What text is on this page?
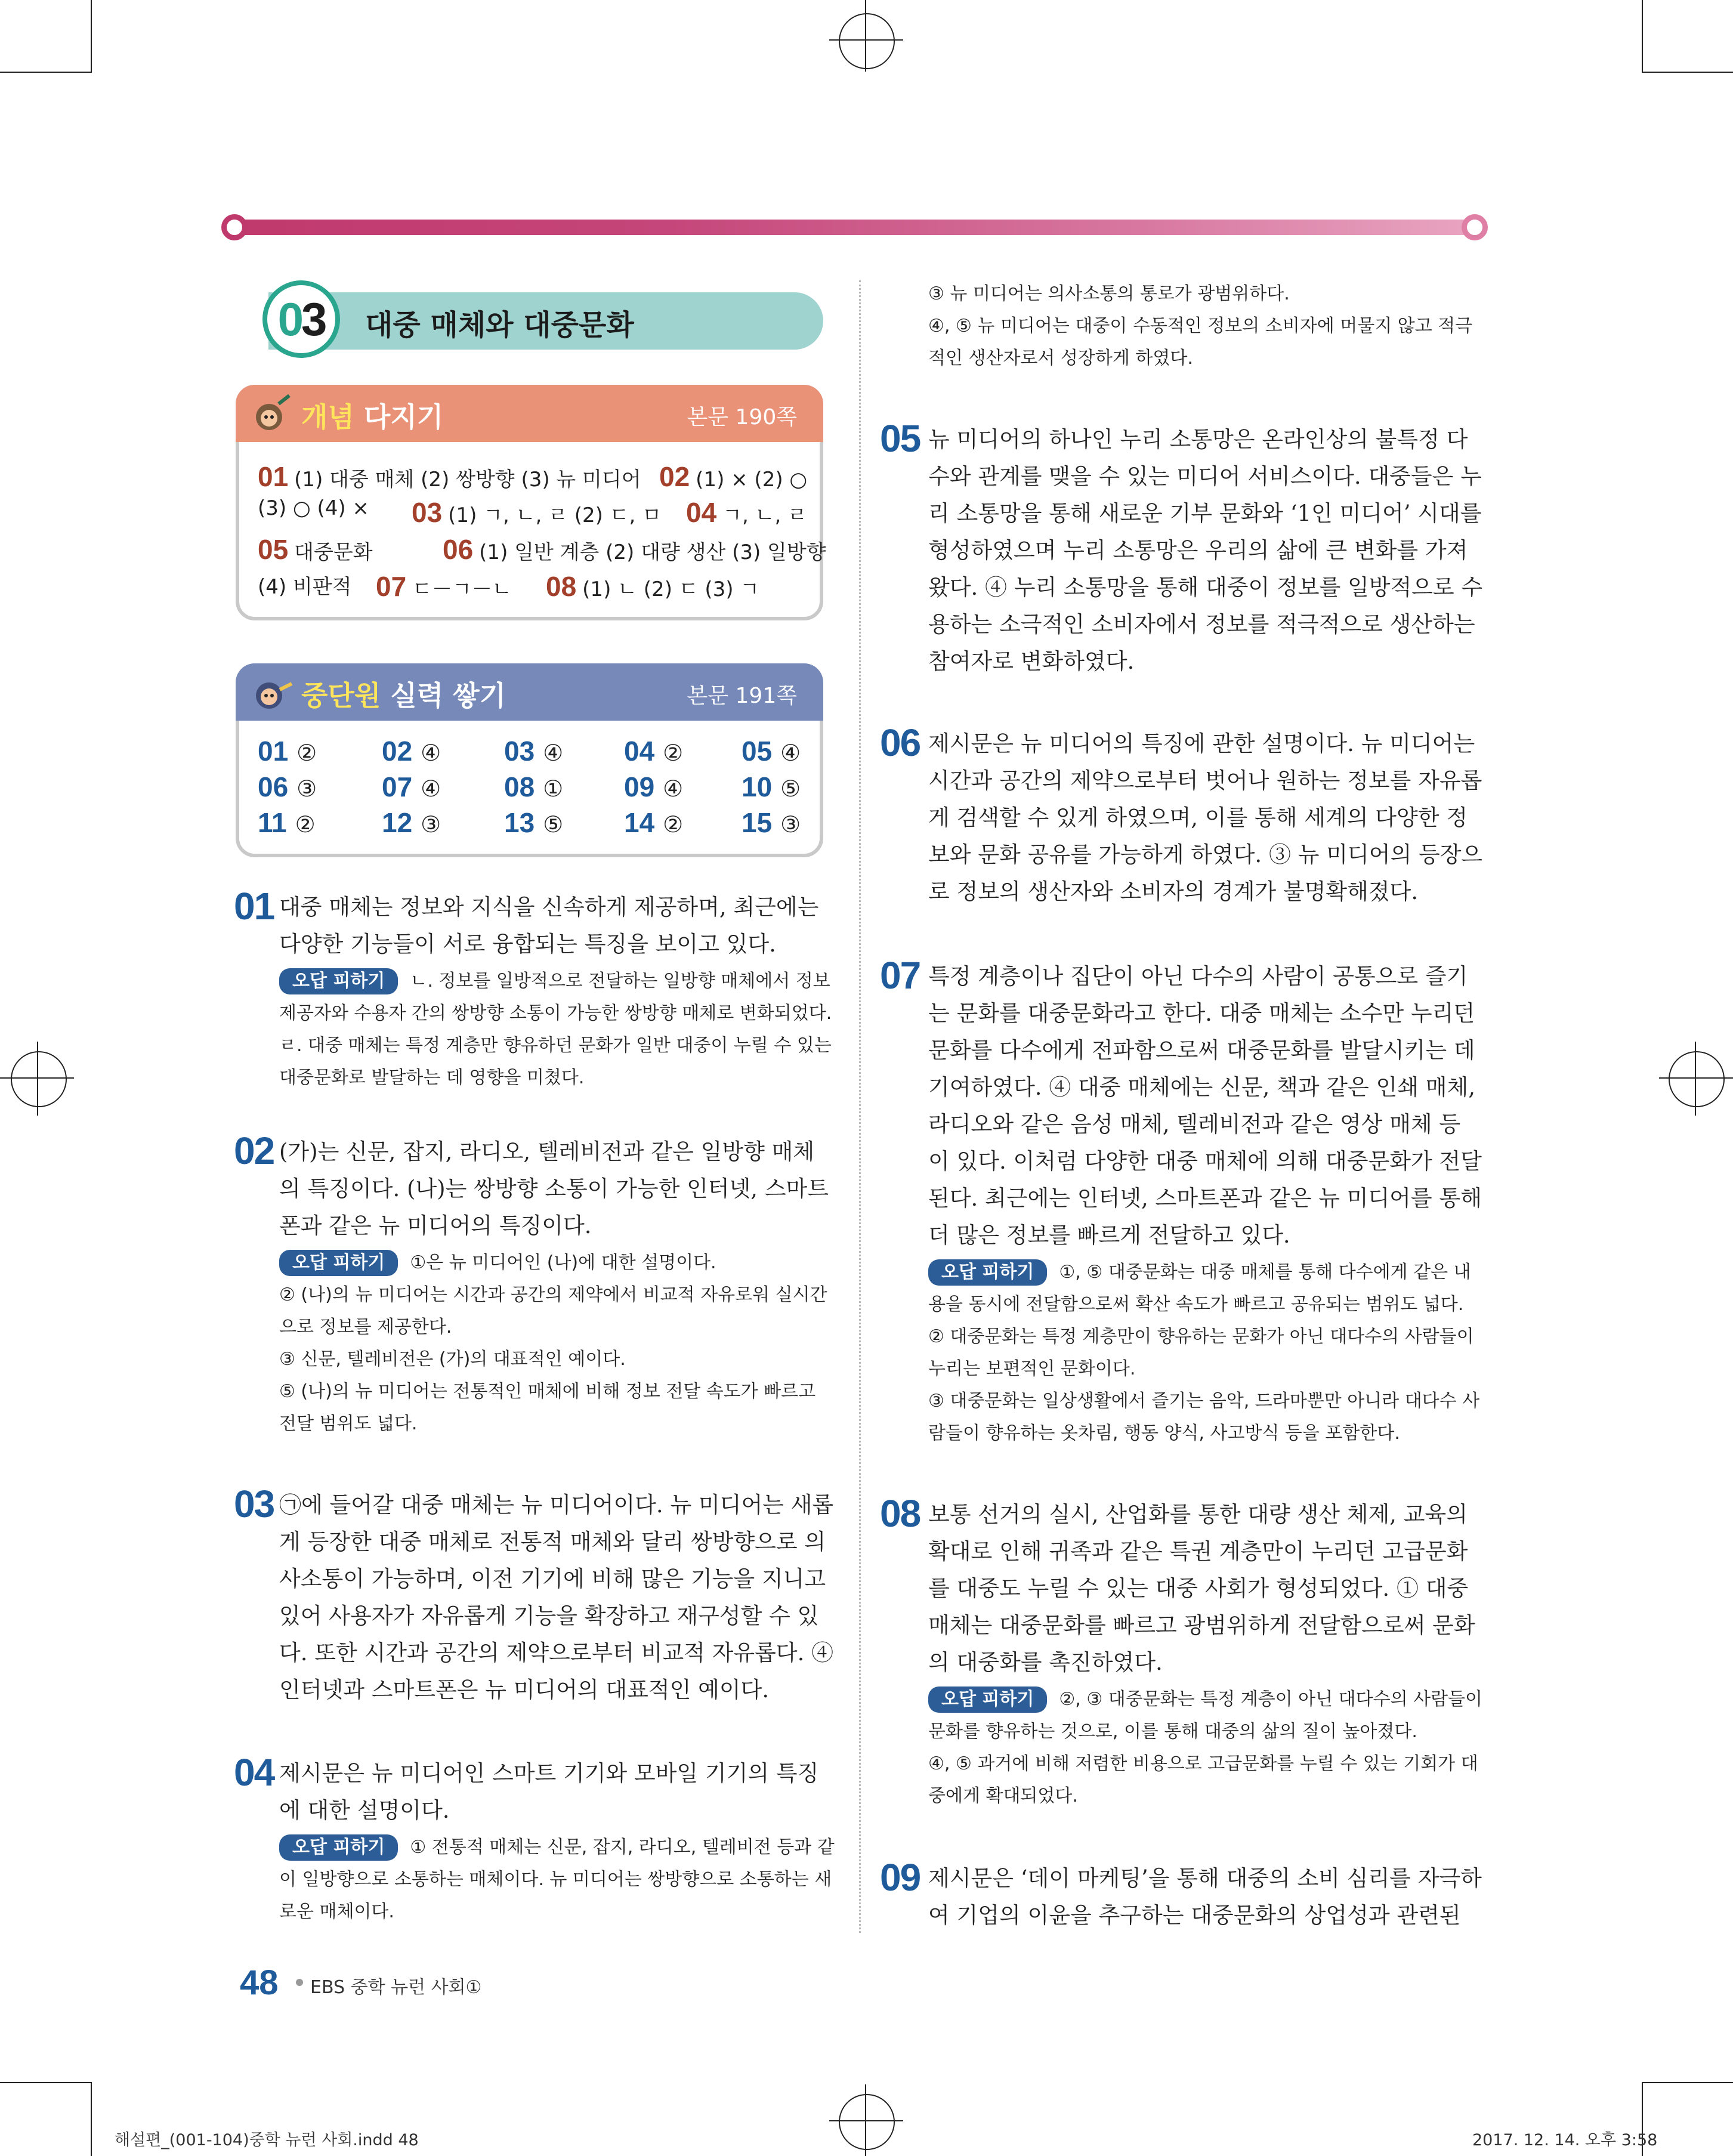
03	대중 매체와 대중문화
개념 다지기	본문 190쪽
01 (1) 대중 매체 (2) 쌍방향 (3) 뉴 미디어 02 (1) × (2) ○
(3) ○ (4) × 03 (1) ㄱ, ㄴ, ㄹ (2) ㄷ, ㅁ 04 ㄱ, ㄴ, ㄹ
05 대중문화	06 (1) 일반 계층 (2) 대량 생산 (3) 일방향
(4) 비판적 07 ㄷ－ㄱ－ㄴ 08 (1) ㄴ (2) ㄷ (3) ㄱ
중단원 실력 쌓기	본문 191쪽
01 ② 02 ④ 03 ④ 04 ② 05 ④
06 ③ 07 ④ 08 ① 09 ④ 10 ⑤
11 ② 12 ③ 13 ⑤ 14 ② 15 ③
01 대중 매체는 정보와 지식을 신속하게 제공하며, 최근에는
다양한 기능들이 서로 융합되는 특징을 보이고 있다.
오답 피하기 ㄴ. 정보를 일방적으로 전달하는 일방향 매체에서 정보
제공자와 수용자 간의 쌍방향 소통이 가능한 쌍방향 매체로 변화되었다.
ㄹ. 대중 매체는 특정 계층만 향유하던 문화가 일반 대중이 누릴 수 있는
대중문화로 발달하는 데 영향을 미쳤다.
02 (가)는 신문, 잡지, 라디오, 텔레비전과 같은 일방향 매체
의 특징이다. (나)는 쌍방향 소통이 가능한 인터넷, 스마트
폰과 같은 뉴 미디어의 특징이다.
오답 피하기 ①은 뉴 미디어인 (나)에 대한 설명이다.
② (나)의 뉴 미디어는 시간과 공간의 제약에서 비교적 자유로워 실시간
으로 정보를 제공한다.
③ 신문, 텔레비전은 (가)의 대표적인 예이다.
⑤ (나)의 뉴 미디어는 전통적인 매체에 비해 정보 전달 속도가 빠르고
전달 범위도 넓다.
03 ㉠에 들어갈 대중 매체는 뉴 미디어이다. 뉴 미디어는 새롭
게 등장한 대중 매체로 전통적 매체와 달리 쌍방향으로 의
사소통이 가능하며, 이전 기기에 비해 많은 기능을 지니고
있어 사용자가 자유롭게 기능을 확장하고 재구성할 수 있
다. 또한 시간과 공간의 제약으로부터 비교적 자유롭다. ④
인터넷과 스마트폰은 뉴 미디어의 대표적인 예이다.
04 제시문은 뉴 미디어인 스마트 기기와 모바일 기기의 특징
에 대한 설명이다.
오답 피하기 ① 전통적 매체는 신문, 잡지, 라디오, 텔레비전 등과 같
이 일방향으로 소통하는 매체이다. 뉴 미디어는 쌍방향으로 소통하는 새
로운 매체이다.
③ 뉴 미디어는 의사소통의 통로가 광범위하다.
④, ⑤ 뉴 미디어는 대중이 수동적인 정보의 소비자에 머물지 않고 적극
적인 생산자로서 성장하게 하였다.
05 뉴 미디어의 하나인 누리 소통망은 온라인상의 불특정 다
수와 관계를 맺을 수 있는 미디어 서비스이다. 대중들은 누
리 소통망을 통해 새로운 기부 문화와 ‘1인 미디어’ 시대를
형성하였으며 누리 소통망은 우리의 삶에 큰 변화를 가져
왔다. ④ 누리 소통망을 통해 대중이 정보를 일방적으로 수
용하는 소극적인 소비자에서 정보를 적극적으로 생산하는
참여자로 변화하였다.
06 제시문은 뉴 미디어의 특징에 관한 설명이다. 뉴 미디어는
시간과 공간의 제약으로부터 벗어나 원하는 정보를 자유롭
게 검색할 수 있게 하였으며, 이를 통해 세계의 다양한 정
보와 문화 공유를 가능하게 하였다. ③ 뉴 미디어의 등장으
로 정보의 생산자와 소비자의 경계가 불명확해졌다.
07 특정 계층이나 집단이 아닌 다수의 사람이 공통으로 즐기
는 문화를 대중문화라고 한다. 대중 매체는 소수만 누리던
문화를 다수에게 전파함으로써 대중문화를 발달시키는 데
기여하였다. ④ 대중 매체에는 신문, 책과 같은 인쇄 매체,
라디오와 같은 음성 매체, 텔레비전과 같은 영상 매체 등
이 있다. 이처럼 다양한 대중 매체에 의해 대중문화가 전달
된다. 최근에는 인터넷, 스마트폰과 같은 뉴 미디어를 통해
더 많은 정보를 빠르게 전달하고 있다.
오답 피하기 ①, ⑤ 대중문화는 대중 매체를 통해 다수에게 같은 내
용을 동시에 전달함으로써 확산 속도가 빠르고 공유되는 범위도 넓다.
② 대중문화는 특정 계층만이 향유하는 문화가 아닌 대다수의 사람들이
누리는 보편적인 문화이다.
③ 대중문화는 일상생활에서 즐기는 음악, 드라마뿐만 아니라 대다수 사
람들이 향유하는 옷차림, 행동 양식, 사고방식 등을 포함한다.
08 보통 선거의 실시, 산업화를 통한 대량 생산 체제, 교육의
확대로 인해 귀족과 같은 특권 계층만이 누리던 고급문화
를 대중도 누릴 수 있는 대중 사회가 형성되었다. ① 대중
매체는 대중문화를 빠르고 광범위하게 전달함으로써 문화
의 대중화를 촉진하였다.
오답 피하기 ②, ③ 대중문화는 특정 계층이 아닌 대다수의 사람들이
문화를 향유하는 것으로, 이를 통해 대중의 삶의 질이 높아졌다.
④, ⑤ 과거에 비해 저렴한 비용으로 고급문화를 누릴 수 있는 기회가 대
중에게 확대되었다.
09 제시문은 ‘데이 마케팅’을 통해 대중의 소비 심리를 자극하
여 기업의 이윤을 추구하는 대중문화의 상업성과 관련된
48 EBS 중학 뉴런 사회①
해설편_(001-104)중학 뉴런 사회.indd 48	2017. 12. 14. 오후 3:58
